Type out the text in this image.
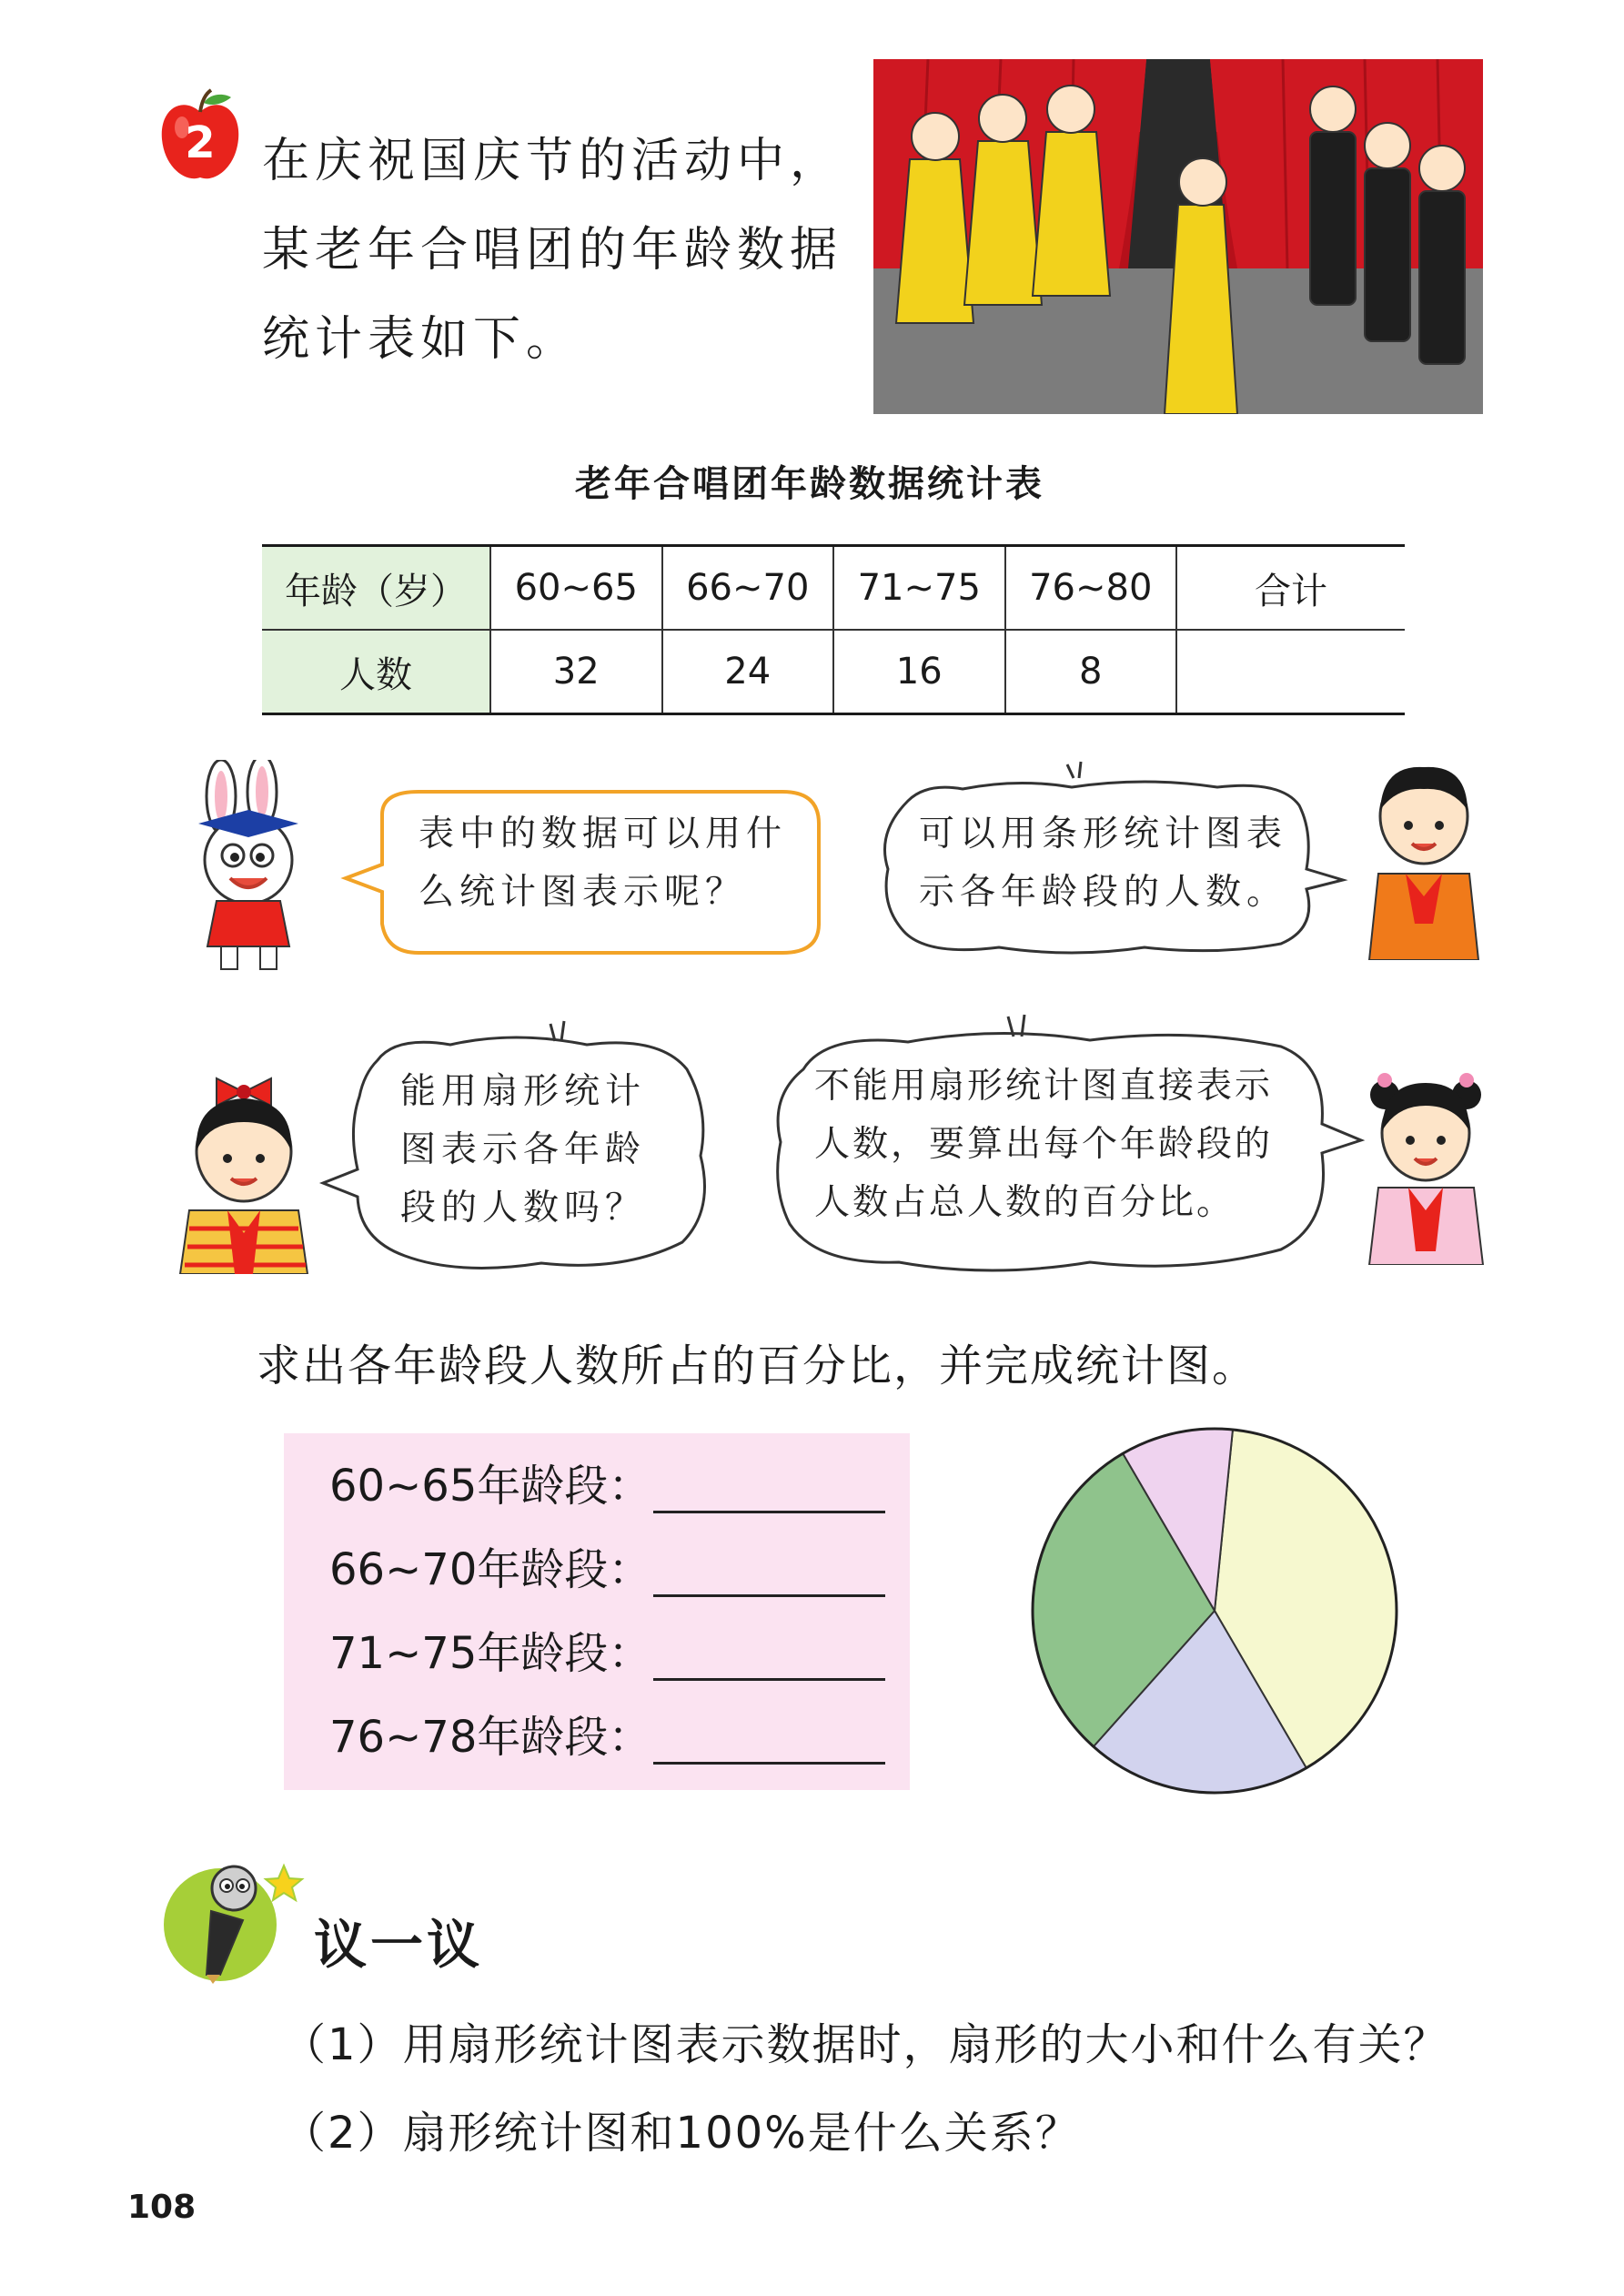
2 在庆祝国庆节的活动中，
某老年合唱团的年龄数据
统计表如下。
老年合唱团年龄数据统计表
年龄（岁）	60~65	66~70	71~75	76~80	合计
人数	32	24	16	8	
表中的数据可以用什
么统计图表示呢？
可以用条形统计图表
示各年龄段的人数。
能用扇形统计
图表示各年龄
段的人数吗？
不能用扇形统计图直接表示
人数，要算出每个年龄段的
人数占总人数的百分比。
求出各年龄段人数所占的百分比，并完成统计图。
60~65年龄段：
66~70年龄段：
71~75年龄段：
76~78年龄段：
议一议
（1）用扇形统计图表示数据时，扇形的大小和什么有关？
（2）扇形统计图和100%是什么关系？
108
